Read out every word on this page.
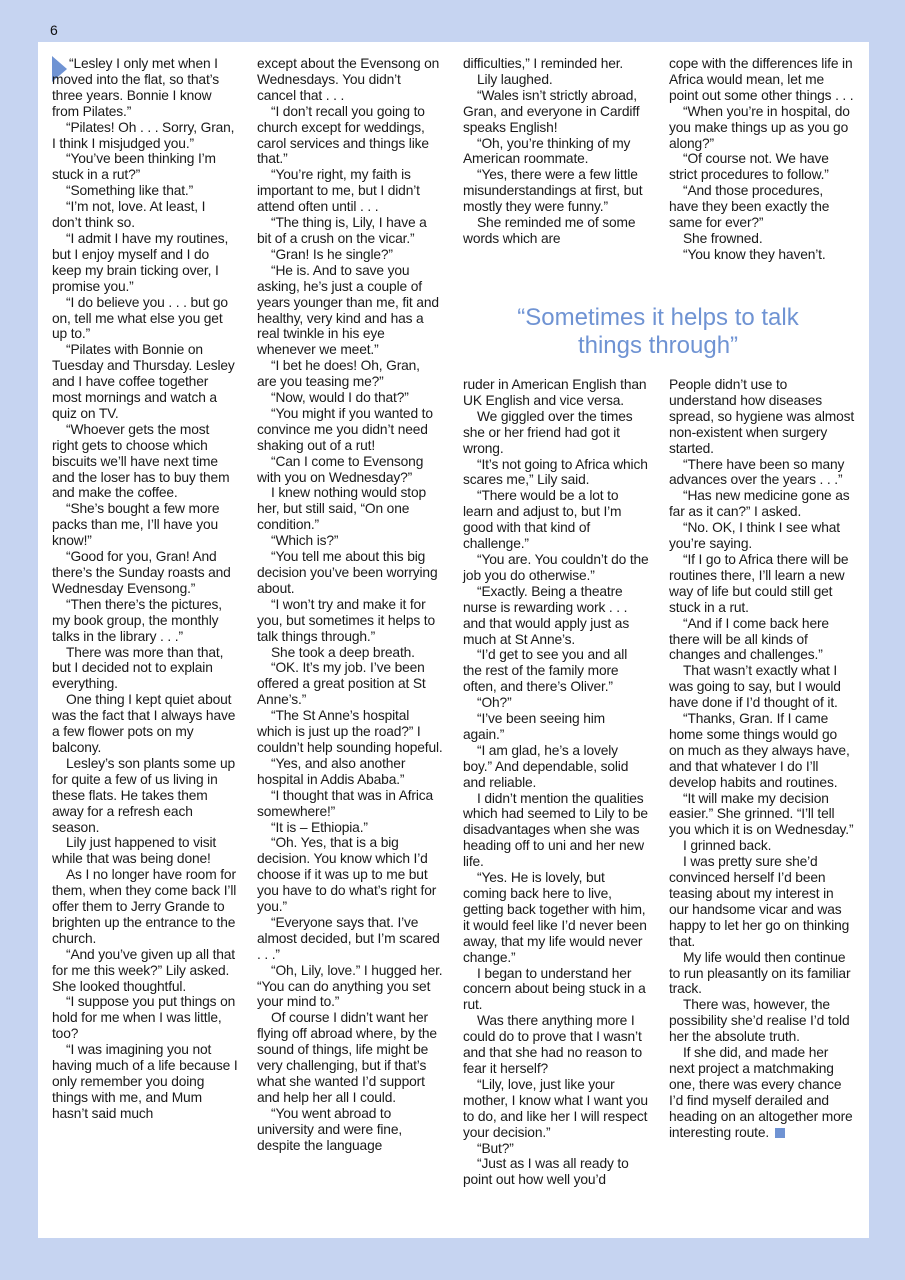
6

“Lesley I only met when I moved into the flat, so that’s three years. Bonnie I know from Pilates.”

“Pilates! Oh . . . Sorry, Gran, I think I misjudged you.”

“You’ve been thinking I’m stuck in a rut?”

“Something like that.”

“I’m not, love. At least, I don’t think so.

“I admit I have my routines, but I enjoy myself and I do keep my brain ticking over, I promise you.”

“I do believe you . . . but go on, tell me what else you get up to.”

“Pilates with Bonnie on Tuesday and Thursday. Lesley and I have coffee together most mornings and watch a quiz on TV.

“Whoever gets the most right gets to choose which biscuits we’ll have next time and the loser has to buy them and make the coffee.

“She’s bought a few more packs than me, I’ll have you know!”

“Good for you, Gran! And there’s the Sunday roasts and Wednesday Evensong.”

“Then there’s the pictures, my book group, the monthly talks in the library . . .”

There was more than that, but I decided not to explain everything.

One thing I kept quiet about was the fact that I always have a few flower pots on my balcony.

Lesley’s son plants some up for quite a few of us living in these flats. He takes them away for a refresh each season.

Lily just happened to visit while that was being done!

As I no longer have room for them, when they come back I’ll offer them to Jerry Grande to brighten up the entrance to the church.

“And you’ve given up all that for me this week?” Lily asked. She looked thoughtful.

“I suppose you put things on hold for me when I was little, too?

“I was imagining you not having much of a life because I only remember you doing things with me, and Mum hasn’t said much

except about the Evensong on Wednesdays. You didn’t cancel that . . .

“I don’t recall you going to church except for weddings, carol services and things like that.”

“You’re right, my faith is important to me, but I didn’t attend often until . . .

“The thing is, Lily, I have a bit of a crush on the vicar.”

“Gran! Is he single?”

“He is. And to save you asking, he’s just a couple of years younger than me, fit and healthy, very kind and has a real twinkle in his eye whenever we meet.”

“I bet he does! Oh, Gran, are you teasing me?”

“Now, would I do that?”

“You might if you wanted to convince me you didn’t need shaking out of a rut!

“Can I come to Evensong with you on Wednesday?”

I knew nothing would stop her, but still said, “On one condition.”

“Which is?”

“You tell me about this big decision you’ve been worrying about.

“I won’t try and make it for you, but sometimes it helps to talk things through.”

She took a deep breath.

“OK. It’s my job. I’ve been offered a great position at St Anne’s.”

“The St Anne’s hospital which is just up the road?” I couldn’t help sounding hopeful.

“Yes, and also another hospital in Addis Ababa.”

“I thought that was in Africa somewhere!”

“It is – Ethiopia.”

“Oh. Yes, that is a big decision. You know which I’d choose if it was up to me but you have to do what’s right for you.”

“Everyone says that. I’ve almost decided, but I’m scared . . .”

“Oh, Lily, love.” I hugged her. “You can do anything you set your mind to.”

Of course I didn’t want her flying off abroad where, by the sound of things, life might be very challenging, but if that’s what she wanted I’d support and help her all I could.

“You went abroad to university and were fine, despite the language

difficulties,” I reminded her.

Lily laughed.

“Wales isn’t strictly abroad, Gran, and everyone in Cardiff speaks English!

“Oh, you’re thinking of my American roommate.

“Yes, there were a few little misunderstandings at first, but mostly they were funny.”

She reminded me of some words which are

cope with the differences life in Africa would mean, let me point out some other things . . .

“When you’re in hospital, do you make things up as you go along?”

“Of course not. We have strict procedures to follow.”

“And those procedures, have they been exactly the same for ever?”

She frowned.

“You know they haven’t.

“Sometimes it helps to talk
things through”

ruder in American English than UK English and vice versa.

We giggled over the times she or her friend had got it wrong.

“It’s not going to Africa which scares me,” Lily said.

“There would be a lot to learn and adjust to, but I’m good with that kind of challenge.”

“You are. You couldn’t do the job you do otherwise.”

“Exactly. Being a theatre nurse is rewarding work . . . and that would apply just as much at St Anne’s.

“I’d get to see you and all the rest of the family more often, and there’s Oliver.”

“Oh?”

“I’ve been seeing him again.”

“I am glad, he’s a lovely boy.” And dependable, solid and reliable.

I didn’t mention the qualities which had seemed to Lily to be disadvantages when she was heading off to uni and her new life.

“Yes. He is lovely, but coming back here to live, getting back together with him, it would feel like I’d never been away, that my life would never change.”

I began to understand her concern about being stuck in a rut.

Was there anything more I could do to prove that I wasn’t and that she had no reason to fear it herself?

“Lily, love, just like your mother, I know what I want you to do, and like her I will respect your decision.”

“But?”

“Just as I was all ready to point out how well you’d

People didn’t use to understand how diseases spread, so hygiene was almost non-existent when surgery started.

“There have been so many advances over the years . . .”

“Has new medicine gone as far as it can?” I asked.

“No. OK, I think I see what you’re saying.

“If I go to Africa there will be routines there, I’ll learn a new way of life but could still get stuck in a rut.

“And if I come back here there will be all kinds of changes and challenges.”

That wasn’t exactly what I was going to say, but I would have done if I’d thought of it.

“Thanks, Gran. If I came home some things would go on much as they always have, and that whatever I do I’ll develop habits and routines.

“It will make my decision easier.” She grinned. “I’ll tell you which it is on Wednesday.”

I grinned back.

I was pretty sure she’d convinced herself I’d been teasing about my interest in our handsome vicar and was happy to let her go on thinking that.

My life would then continue to run pleasantly on its familiar track.

There was, however, the possibility she’d realise I’d told her the absolute truth.

If she did, and made her next project a matchmaking one, there was every chance I’d find myself derailed and heading on an altogether more interesting route.
